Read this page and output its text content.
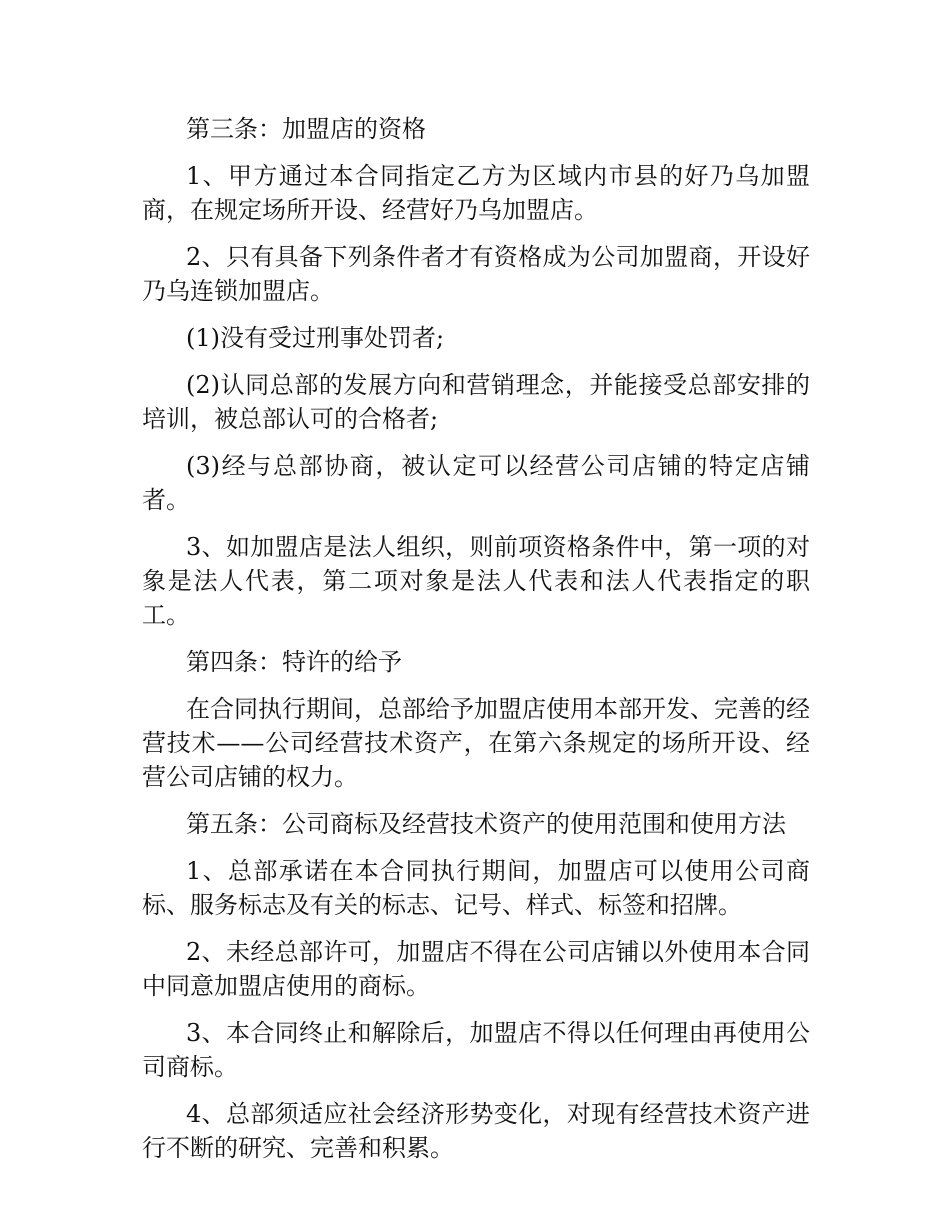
第三条：加盟店的资格

1、甲方通过本合同指定乙方为区域内市县的好乃乌加盟商，在规定场所开设、经营好乃乌加盟店。

2、只有具备下列条件者才有资格成为公司加盟商，开设好乃乌连锁加盟店。

(1)没有受过刑事处罚者;

(2)认同总部的发展方向和营销理念，并能接受总部安排的培训，被总部认可的合格者;

(3)经与总部协商，被认定可以经营公司店铺的特定店铺者。

3、如加盟店是法人组织，则前项资格条件中，第一项的对象是法人代表，第二项对象是法人代表和法人代表指定的职工。

第四条：特许的给予

在合同执行期间，总部给予加盟店使用本部开发、完善的经营技术——公司经营技术资产，在第六条规定的场所开设、经营公司店铺的权力。

第五条：公司商标及经营技术资产的使用范围和使用方法

1、总部承诺在本合同执行期间，加盟店可以使用公司商标、服务标志及有关的标志、记号、样式、标签和招牌。

2、未经总部许可，加盟店不得在公司店铺以外使用本合同中同意加盟店使用的商标。

3、本合同终止和解除后，加盟店不得以任何理由再使用公司商标。

4、总部须适应社会经济形势变化，对现有经营技术资产进行不断的研究、完善和积累。
